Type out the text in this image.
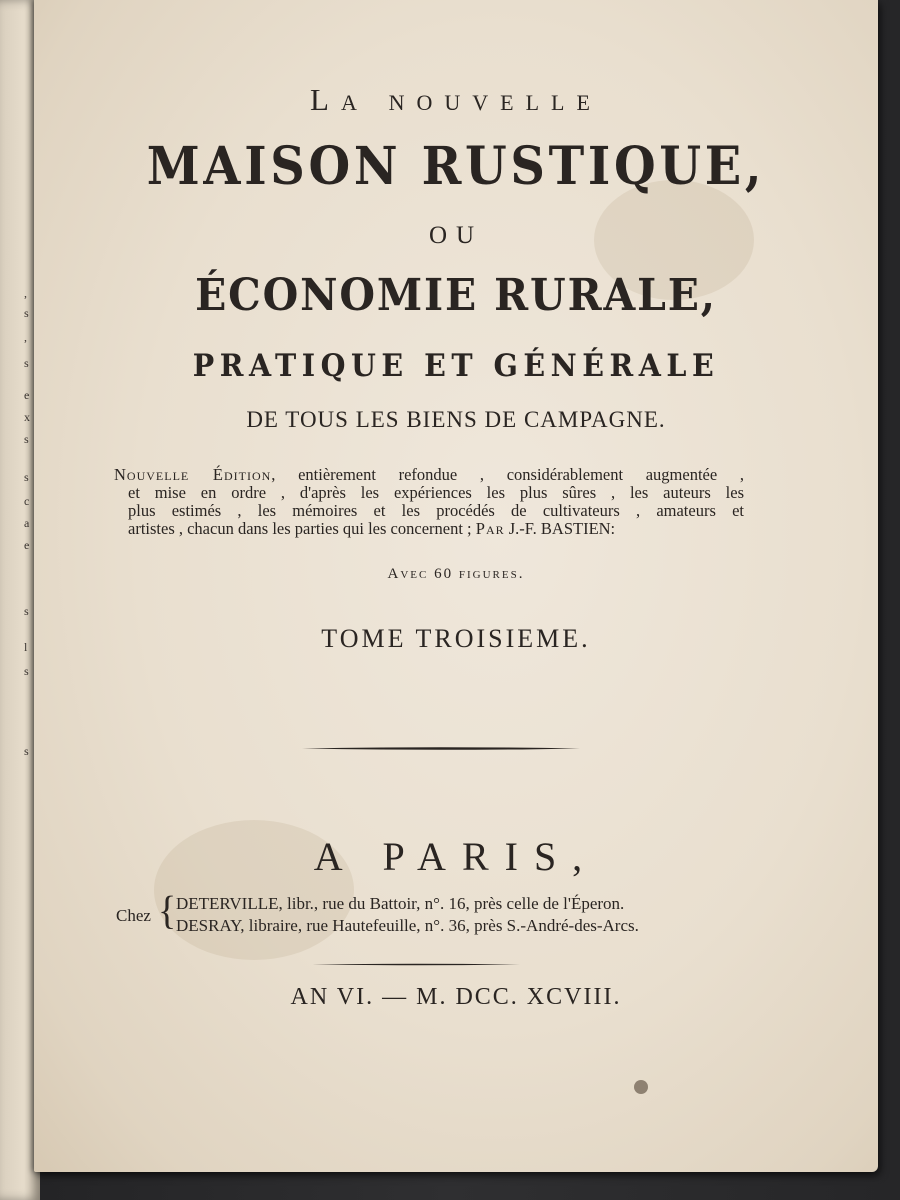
,
s
,
s
e
x
s
s
c
a
e
s
l
s
s
La nouvelle
MAISON RUSTIQUE,
OU
ÉCONOMIE RURALE,
PRATIQUE ET GÉNÉRALE
DE TOUS LES BIENS DE CAMPAGNE.
Nouvelle Édition, entièrement refondue , considérablement augmentée ,
et mise en ordre , d'après les expériences les plus sûres , les auteurs les
plus estimés , les mémoires et les procédés de cultivateurs , amateurs et
artistes , chacun dans les parties qui les concernent ; Par J.-F. BASTIEN:
Avec 60 figures.
TOME TROISIEME.
A PARIS,
Chez { DETERVILLE, libr., rue du Battoir, n°. 16, près celle de l'Éperon.
DESRAY, libraire, rue Hautefeuille, n°. 36, près S.-André-des-Arcs.
AN VI. — M. DCC. XCVIII.
